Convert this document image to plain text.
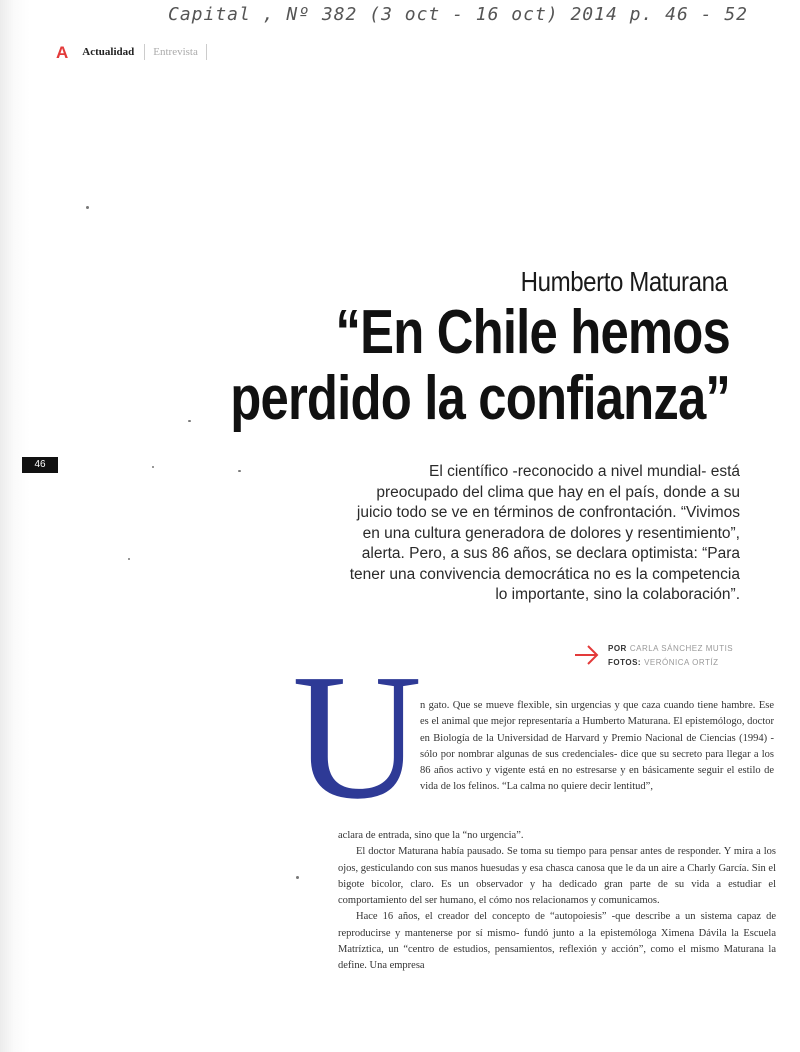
Capital , Nº 382 (3 oct - 16 oct) 2014 p. 46 - 52
A Actualidad	Entrevista
Humberto Maturana
“En Chile hemos
perdido la confianza”
46	El científico -reconocido a nivel mundial- está
preocupado del clima que hay en el país, donde a su
juicio todo se ve en términos de confrontación. “Vivimos
en una cultura generadora de dolores y resentimiento”,
alerta. Pero, a sus 86 años, se declara optimista: “Para
tener una convivencia democrática no es la competencia
lo importante, sino la colaboración”.
POR CARLA SÁNCHEZ MUTIS
FOTOS: VERÓNICA ORTÍZ
U

n gato. Que se mueve flexible, sin urgencias y que caza cuando tiene hambre. Ese es el animal que mejor representaría a Humberto Maturana. El epistemólogo, doctor en Biología de la Universidad de Harvard y Premio Nacional de Ciencias (1994) -sólo por nombrar algunas de sus credenciales- dice que su secreto para llegar a los 86 años activo y vigente está en no estresarse y en básicamente seguir el estilo de vida de los felinos. “La calma no quiere decir lentitud”,

aclara de entrada, sino que la “no urgencia”.

El doctor Maturana había pausado. Se toma su tiempo para pensar antes de responder. Y mira a los ojos, gesticulando con sus manos huesudas y esa chasca canosa que le da un aire a Charly García. Sin el bigote bicolor, claro. Es un observador y ha dedicado gran parte de su vida a estudiar el comportamiento del ser humano, el cómo nos relacionamos y comunicamos.

Hace 16 años, el creador del concepto de “autopoiesis” -que describe a un sistema capaz de reproducirse y mantenerse por sí mismo- fundó junto a la epistemóloga Ximena Dávila la Escuela Matríztica, un “centro de estudios, pensamientos, reflexión y acción”, como el mismo Maturana la define. Una empresa
